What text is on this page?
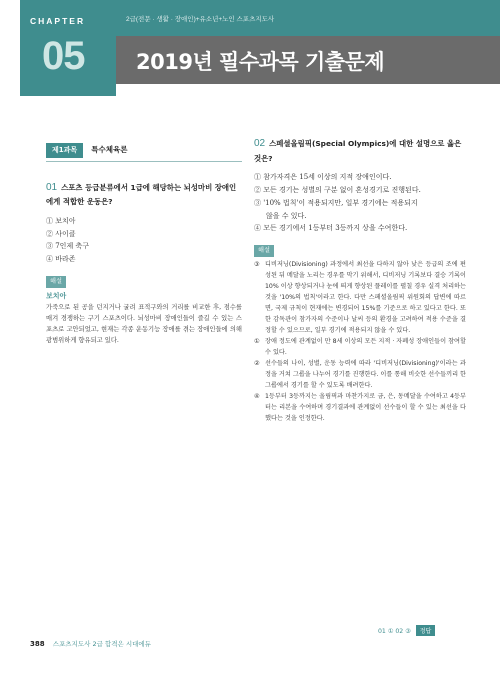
CHAPTER
05
2급(전문 · 생활 · 장애인)+유소년+노인 스포츠지도사
2019년 필수과목 기출문제
제1과목 특수체육론
01 스포츠 등급분류에서 1급에 해당하는 뇌성마비 장애인에게 적합한 운동은?
① 보치아
② 사이클
③ 7인제 축구
④ 바라존
해설
보치아
가죽으로 된 공을 던지거나 굴려 표적구와의 거리를 비교한 후, 점수를 매겨 경쟁하는 구기 스포츠이다. 뇌성마비 장애인들이 즐길 수 있는 스포츠로 고안되었고, 현재는 각종 운동기능 장애를 겪는 장애인들에 의해 광범위하게 향유되고 있다.
02 스페셜올림픽(Special Olympics)에 대한 설명으로 옳은 것은?
① 참가자격은 15세 이상의 지적 장애인이다.
② 모든 경기는 성별의 구분 없이 혼성경기로 진행된다.
③ '10% 법칙'이 적용되지만, 일부 경기에는 적용되지
않을 수 있다.
④ 모든 경기에서 1등부터 3등까지 상을 수여한다.
해설
③ 디비저닝(Divisioning) 과정에서 최선을 다하지 않아 낮은 등급의 조에 편성된 뒤 메달을 노리는 경우를 막기 위해서, 디비저닝 기록보다 결승 기록이 10% 이상 향상되거나 눈에 띄게 향상된 플레이를 펼칠 경우 실격 처리하는 것을 '10%의 법칙'이라고 한다. 다만 스페셜올림픽 위원회의 답변에 따르면, 국제 규칙이 현재에는 변경되어 15%를 기준으로 하고 있다고 한다. 또한 감독관이 참가자의 수준이나 날씨 등의 환경을 고려하여 적용 수준을 결정할 수 있으므로, 일부 경기에 적용되지 않을 수 있다.
① 장애 정도에 관계없이 만 8세 이상의 모든 지적 · 자폐성 장애인들이 참여할 수 있다.
② 선수들의 나이, 성별, 운동 능력에 따라 '디비저닝(Divisioning)'이라는 과정을 거쳐 그룹을 나누어 경기를 진행한다. 이를 통해 비슷한 선수들끼리 한 그룹에서 경기를 할 수 있도록 배려한다.
④ 1등부터 3등까지는 올림픽과 마찬가지로 금, 은, 동메달을 수여하고 4등부터는 리본을 수여하며 경기결과에 관계없이 선수들이 할 수 있는 최선을 다했다는 것을 인정한다.
01 ① 02 ③ 정답
388 스포츠지도사 2급 합격은 시대에듀
